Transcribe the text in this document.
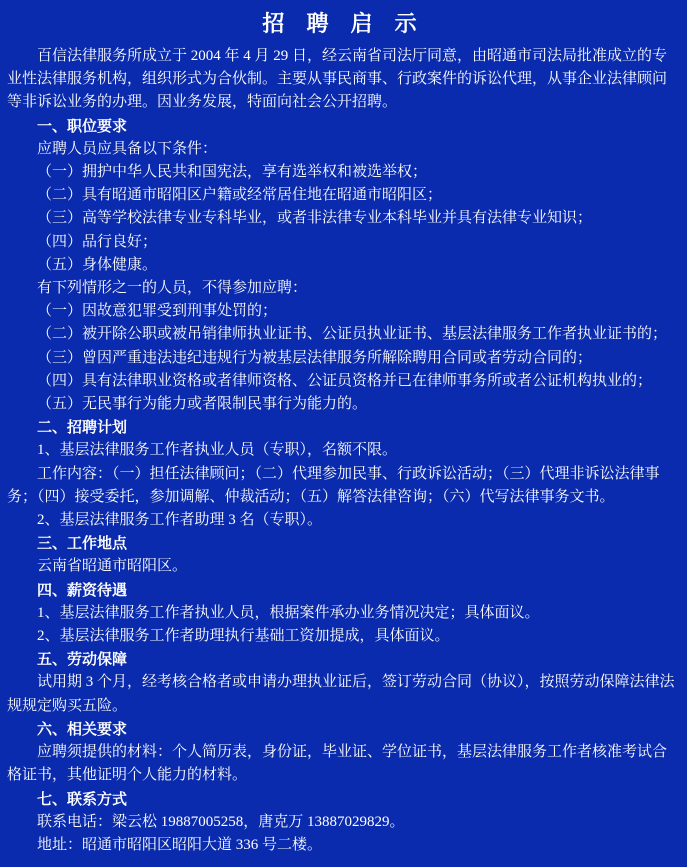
招 聘 启 示

百信法律服务所成立于 2004 年 4 月 29 日，经云南省司法厅同意，由昭通市司法局批准成立的专业性法律服务机构，组织形式为合伙制。主要从事民商事、行政案件的诉讼代理，从事企业法律顾问等非诉讼业务的办理。因业务发展，特面向社会公开招聘。

一、职位要求

应聘人员应具备以下条件：

（一）拥护中华人民共和国宪法，享有选举权和被选举权；

（二）具有昭通市昭阳区户籍或经常居住地在昭通市昭阳区；

（三）高等学校法律专业专科毕业，或者非法律专业本科毕业并具有法律专业知识；

（四）品行良好；

（五）身体健康。

有下列情形之一的人员，不得参加应聘：

（一）因故意犯罪受到刑事处罚的；

（二）被开除公职或被吊销律师执业证书、公证员执业证书、基层法律服务工作者执业证书的；

（三）曾因严重违法违纪违规行为被基层法律服务所解除聘用合同或者劳动合同的；

（四）具有法律职业资格或者律师资格、公证员资格并已在律师事务所或者公证机构执业的；

（五）无民事行为能力或者限制民事行为能力的。

二、招聘计划

1、基层法律服务工作者执业人员（专职），名额不限。

工作内容：（一）担任法律顾问；（二）代理参加民事、行政诉讼活动；（三）代理非诉讼法律事务；（四）接受委托，参加调解、仲裁活动；（五）解答法律咨询；（六）代写法律事务文书。

2、基层法律服务工作者助理 3 名（专职）。

三、工作地点

云南省昭通市昭阳区。

四、薪资待遇

1、基层法律服务工作者执业人员，根据案件承办业务情况决定；具体面议。

2、基层法律服务工作者助理执行基础工资加提成，具体面议。

五、劳动保障

试用期 3 个月，经考核合格者或申请办理执业证后，签订劳动合同（协议），按照劳动保障法律法规规定购买五险。

六、相关要求

应聘须提供的材料：个人简历表，身份证，毕业证、学位证书，基层法律服务工作者核准考试合格证书，其他证明个人能力的材料。

七、联系方式

联系电话：梁云松 19887005258，唐克万 13887029829。

地址：昭通市昭阳区昭阳大道 336 号二楼。
